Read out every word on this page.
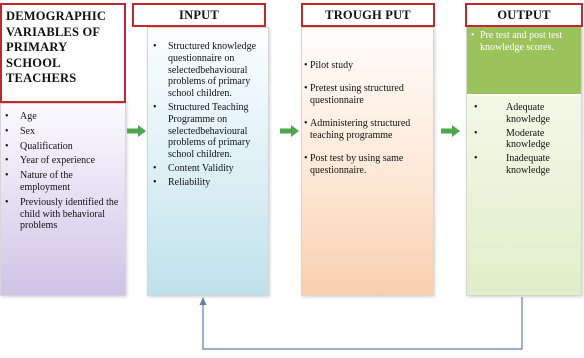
DEMOGRAPHIC VARIABLES OF PRIMARY SCHOOL TEACHERS
INPUT	TROUGH PUT	OUTPUT
• Age
• Sex
• Qualification
• Year of experience
• Nature of the employment
• Previously identified the child with behavioral problems
• Structured knowledge questionnaire on selectedbehavioural problems of primary school children.
• Structured Teaching Programme on selectedbehavioural problems of primary school children.
• Content Validity
• Reliability
• Pilot study
• Pretest using structured questionnaire
• Administering structured teaching programme
• Post test by using same questionnaire.
• Pre test and post test knowledge scores.
• Adequate knowledge
• Moderate knowledge
• Inadequate knowledge
